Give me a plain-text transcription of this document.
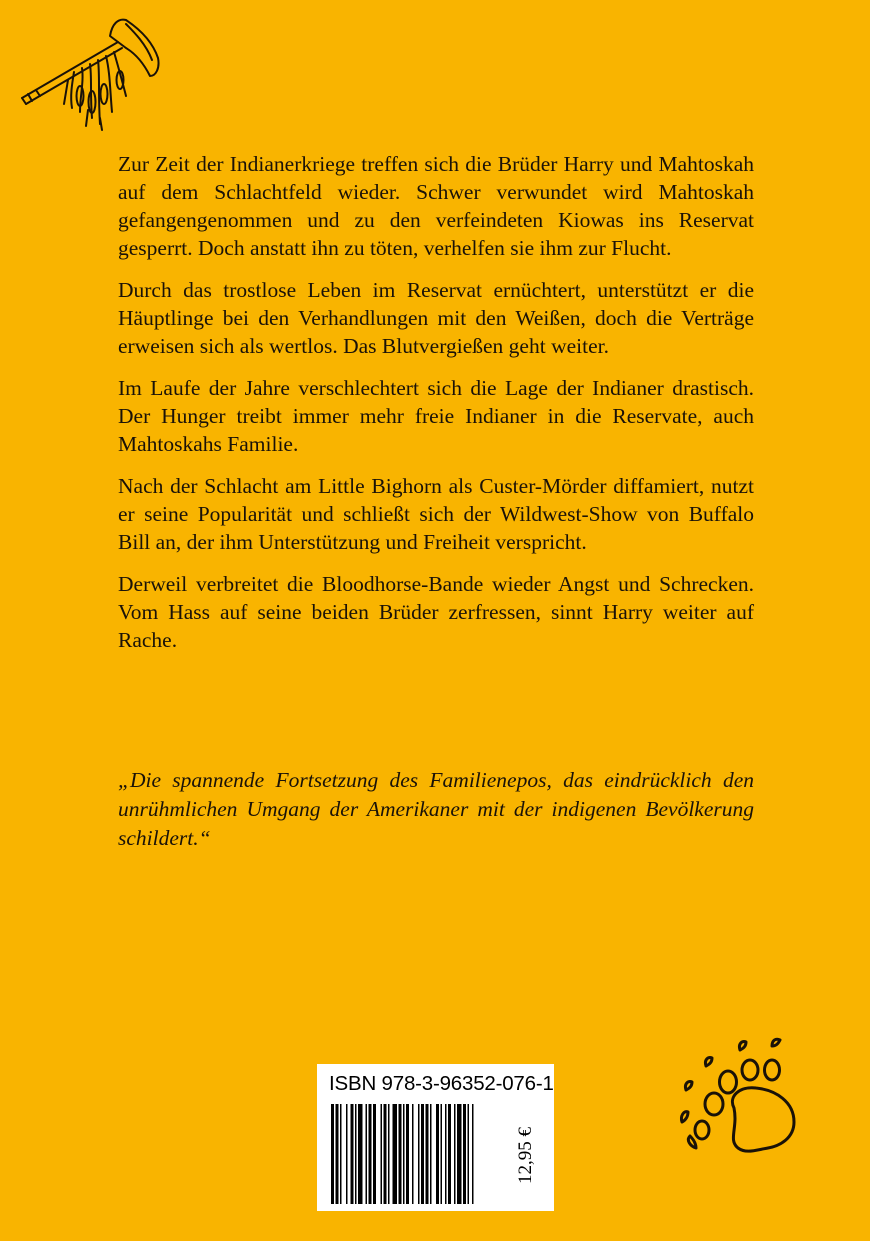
Zur Zeit der Indianerkriege treffen sich die Brüder Harry und Mahtoskah auf dem Schlachtfeld wieder. Schwer verwundet wird Mahtoskah gefangengenommen und zu den verfeindeten Kiowas ins Reservat gesperrt. Doch anstatt ihn zu töten, verhelfen sie ihm zur Flucht.

Durch das trostlose Leben im Reservat ernüchtert, unterstützt er die Häuptlinge bei den Verhandlungen mit den Weißen, doch die Verträge erweisen sich als wertlos. Das Blutvergießen geht weiter.

Im Laufe der Jahre verschlechtert sich die Lage der Indianer drastisch. Der Hunger treibt immer mehr freie Indianer in die Reservate, auch Mahtoskahs Familie.

Nach der Schlacht am Little Bighorn als Custer-Mörder diffamiert, nutzt er seine Popularität und schließt sich der Wildwest-Show von Buffalo Bill an, der ihm Unterstützung und Freiheit verspricht.

Derweil verbreitet die Bloodhorse-Bande wieder Angst und Schrecken. Vom Hass auf seine beiden Brüder zerfressen, sinnt Harry weiter auf Rache.

„Die spannende Fortsetzung des Familienepos, das eindrücklich den unrühmlichen Umgang der Amerikaner mit der indigenen Bevölkerung schildert.“

ISBN 978-3-96352-076-1
12,95 €
